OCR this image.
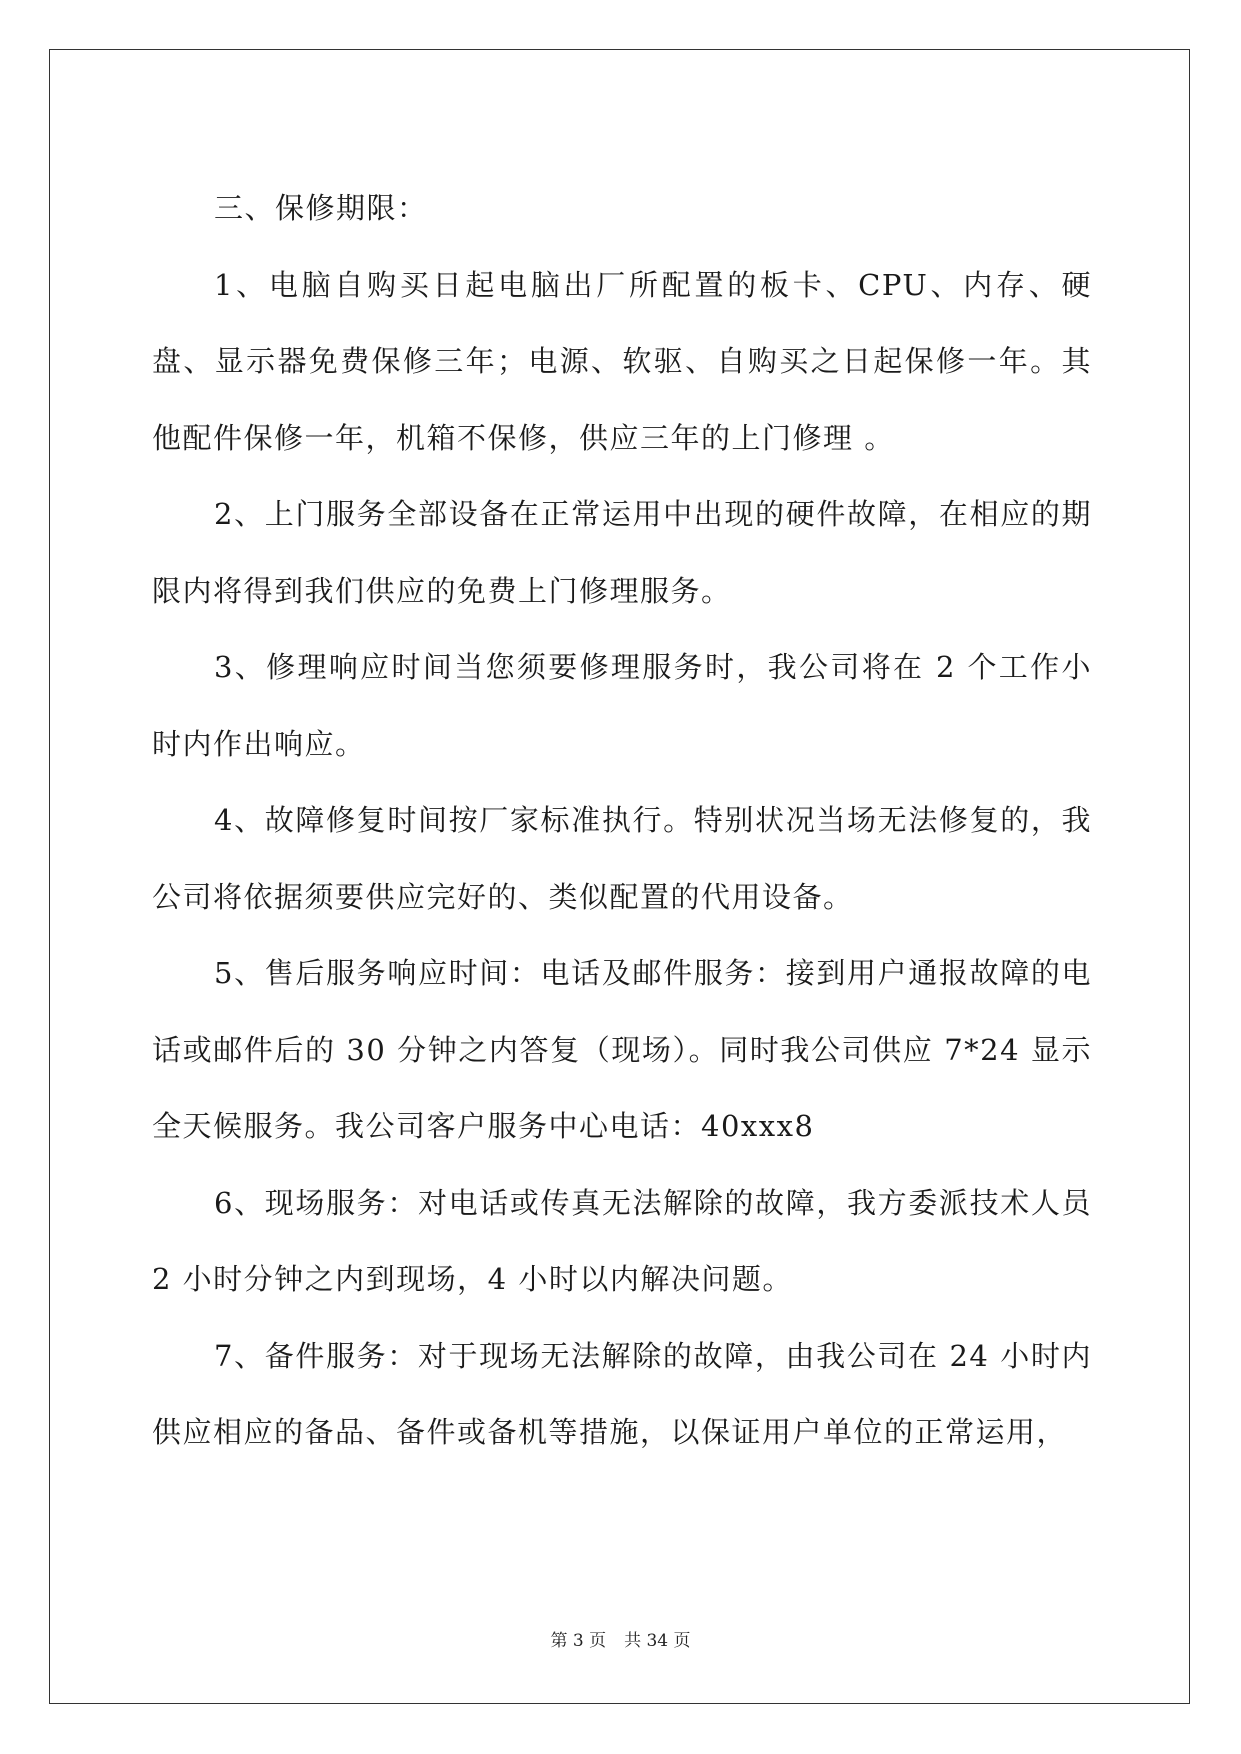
三、保修期限：

1、电脑自购买日起电脑出厂所配置的板卡、CPU、内存、硬盘、显示器免费保修三年；电源、软驱、自购买之日起保修一年。其他配件保修一年，机箱不保修，供应三年的上门修理 。

2、上门服务全部设备在正常运用中出现的硬件故障，在相应的期限内将得到我们供应的免费上门修理服务。

3、修理响应时间当您须要修理服务时，我公司将在 2 个工作小时内作出响应。

4、故障修复时间按厂家标准执行。特别状况当场无法修复的，我公司将依据须要供应完好的、类似配置的代用设备。

5、售后服务响应时间：电话及邮件服务：接到用户通报故障的电话或邮件后的 30 分钟之内答复（现场）。同时我公司供应 7*24 显示全天候服务。我公司客户服务中心电话：40xxx8

6、现场服务：对电话或传真无法解除的故障，我方委派技术人员 2 小时分钟之内到现场，4 小时以内解决问题。

7、备件服务：对于现场无法解除的故障，由我公司在 24 小时内供应相应的备品、备件或备机等措施，以保证用户单位的正常运用，

第 3 页 共 34 页
